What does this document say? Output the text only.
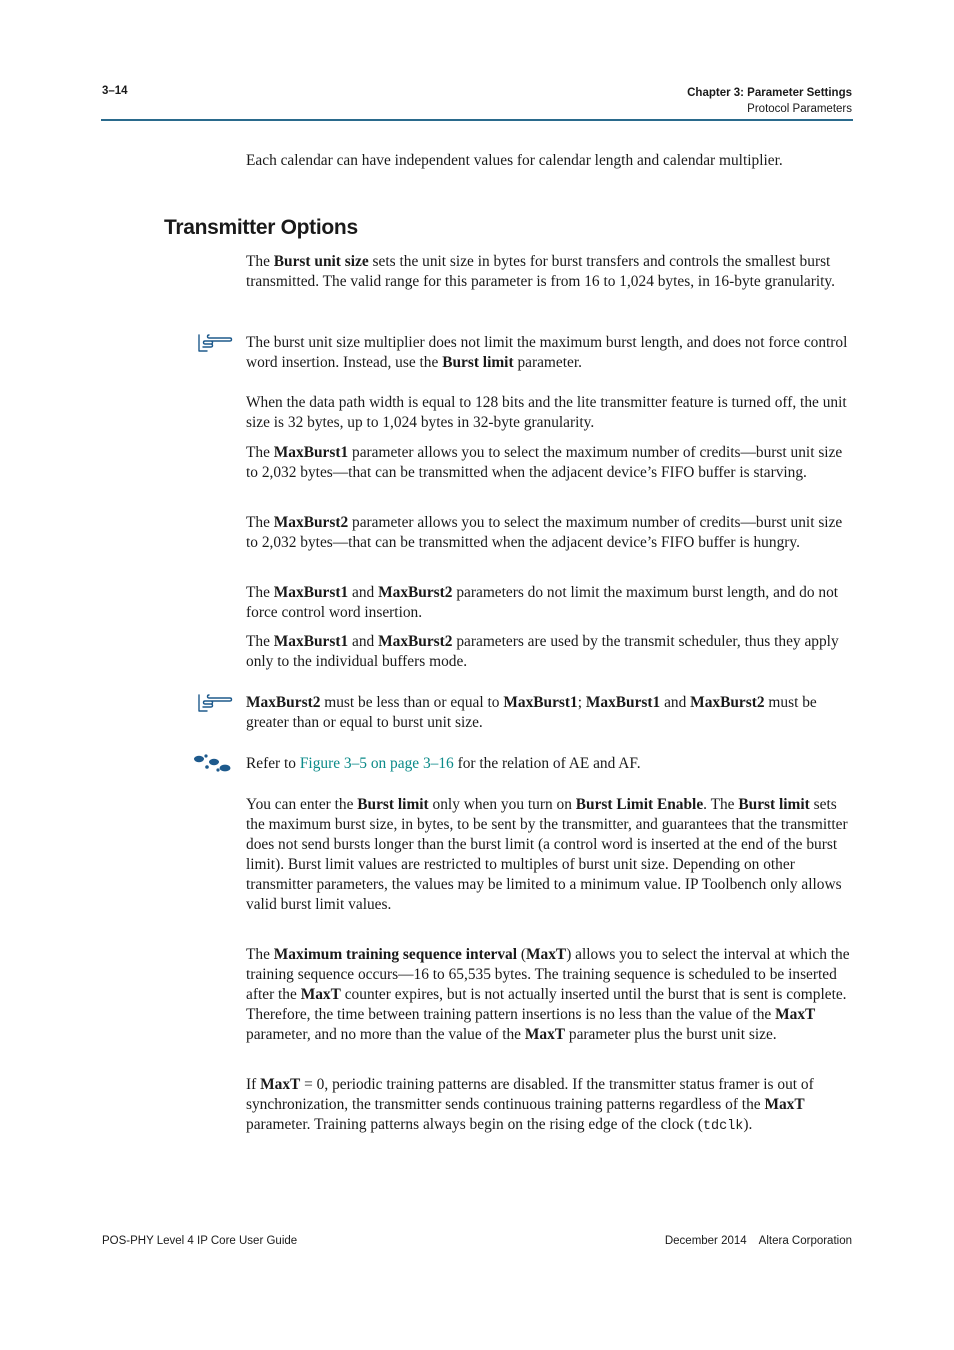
3–14	Chapter 3: Parameter Settings
Protocol Parameters

Each calendar can have independent values for calendar length and calendar multiplier.

Transmitter Options

The Burst unit size sets the unit size in bytes for burst transfers and controls the smallest burst transmitted. The valid range for this parameter is from 16 to 1,024 bytes, in 16-byte granularity.

The burst unit size multiplier does not limit the maximum burst length, and does not force control word insertion. Instead, use the Burst limit parameter.

When the data path width is equal to 128 bits and the lite transmitter feature is turned off, the unit size is 32 bytes, up to 1,024 bytes in 32-byte granularity.

The MaxBurst1 parameter allows you to select the maximum number of credits—burst unit size to 2,032 bytes—that can be transmitted when the adjacent device’s FIFO buffer is starving.

The MaxBurst2 parameter allows you to select the maximum number of credits—burst unit size to 2,032 bytes—that can be transmitted when the adjacent device’s FIFO buffer is hungry.

The MaxBurst1 and MaxBurst2 parameters do not limit the maximum burst length, and do not force control word insertion.

The MaxBurst1 and MaxBurst2 parameters are used by the transmit scheduler, thus they apply only to the individual buffers mode.

MaxBurst2 must be less than or equal to MaxBurst1; MaxBurst1 and MaxBurst2 must be greater than or equal to burst unit size.

Refer to Figure 3–5 on page 3–16 for the relation of AE and AF.

You can enter the Burst limit only when you turn on Burst Limit Enable. The Burst limit sets the maximum burst size, in bytes, to be sent by the transmitter, and guarantees that the transmitter does not send bursts longer than the burst limit (a control word is inserted at the end of the burst limit). Burst limit values are restricted to multiples of burst unit size. Depending on other transmitter parameters, the values may be limited to a minimum value. IP Toolbench only allows valid burst limit values.

The Maximum training sequence interval (MaxT) allows you to select the interval at which the training sequence occurs—16 to 65,535 bytes. The training sequence is scheduled to be inserted after the MaxT counter expires, but is not actually inserted until the burst that is sent is complete. Therefore, the time between training pattern insertions is no less than the value of the MaxT parameter, and no more than the value of the MaxT parameter plus the burst unit size.

If MaxT = 0, periodic training patterns are disabled. If the transmitter status framer is out of synchronization, the transmitter sends continuous training patterns regardless of the MaxT parameter. Training patterns always begin on the rising edge of the clock (tdclk).

POS-PHY Level 4 IP Core User Guide	December 2014 Altera Corporation
